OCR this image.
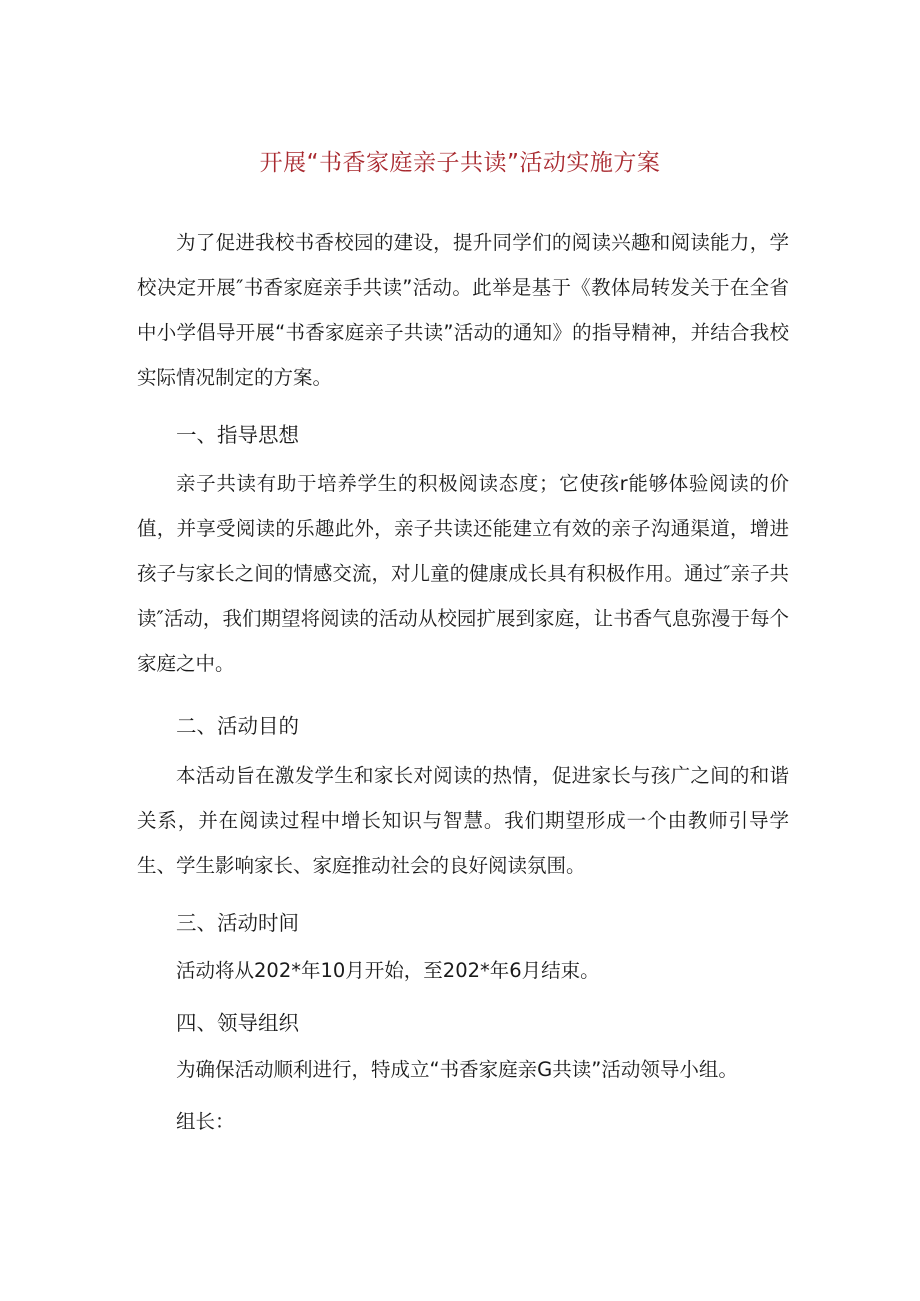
开展“书香家庭亲子共读”活动实施方案

为了促进我校书香校园的建设，提升同学们的阅读兴趣和阅读能力，学校决定开展″书香家庭亲手共读”活动。此举是基于《教体局转发关于在全省中小学倡导开展“书香家庭亲子共读”活动的通知》的指导精神，并结合我校实际情况制定的方案。

一、指导思想

亲子共读有助于培养学生的积极阅读态度；它使孩r能够体验阅读的价值，并享受阅读的乐趣此外，亲子共读还能建立有效的亲子沟通渠道，增进孩子与家长之间的情感交流，对儿童的健康成长具有积极作用。通过″亲子共读″活动，我们期望将阅读的活动从校园扩展到家庭，让书香气息弥漫于每个家庭之中。

二、活动目的

本活动旨在激发学生和家长对阅读的热情，促进家长与孩广之间的和谐关系，并在阅读过程中增长知识与智慧。我们期望形成一个由教师引导学生、学生影响家长、家庭推动社会的良好阅读氛围。

三、活动时间

活动将从202*年10月开始，至202*年6月结束。

四、领导组织

为确保活动顺利进行，特成立“书香家庭亲G共读”活动领导小组。

组长：
